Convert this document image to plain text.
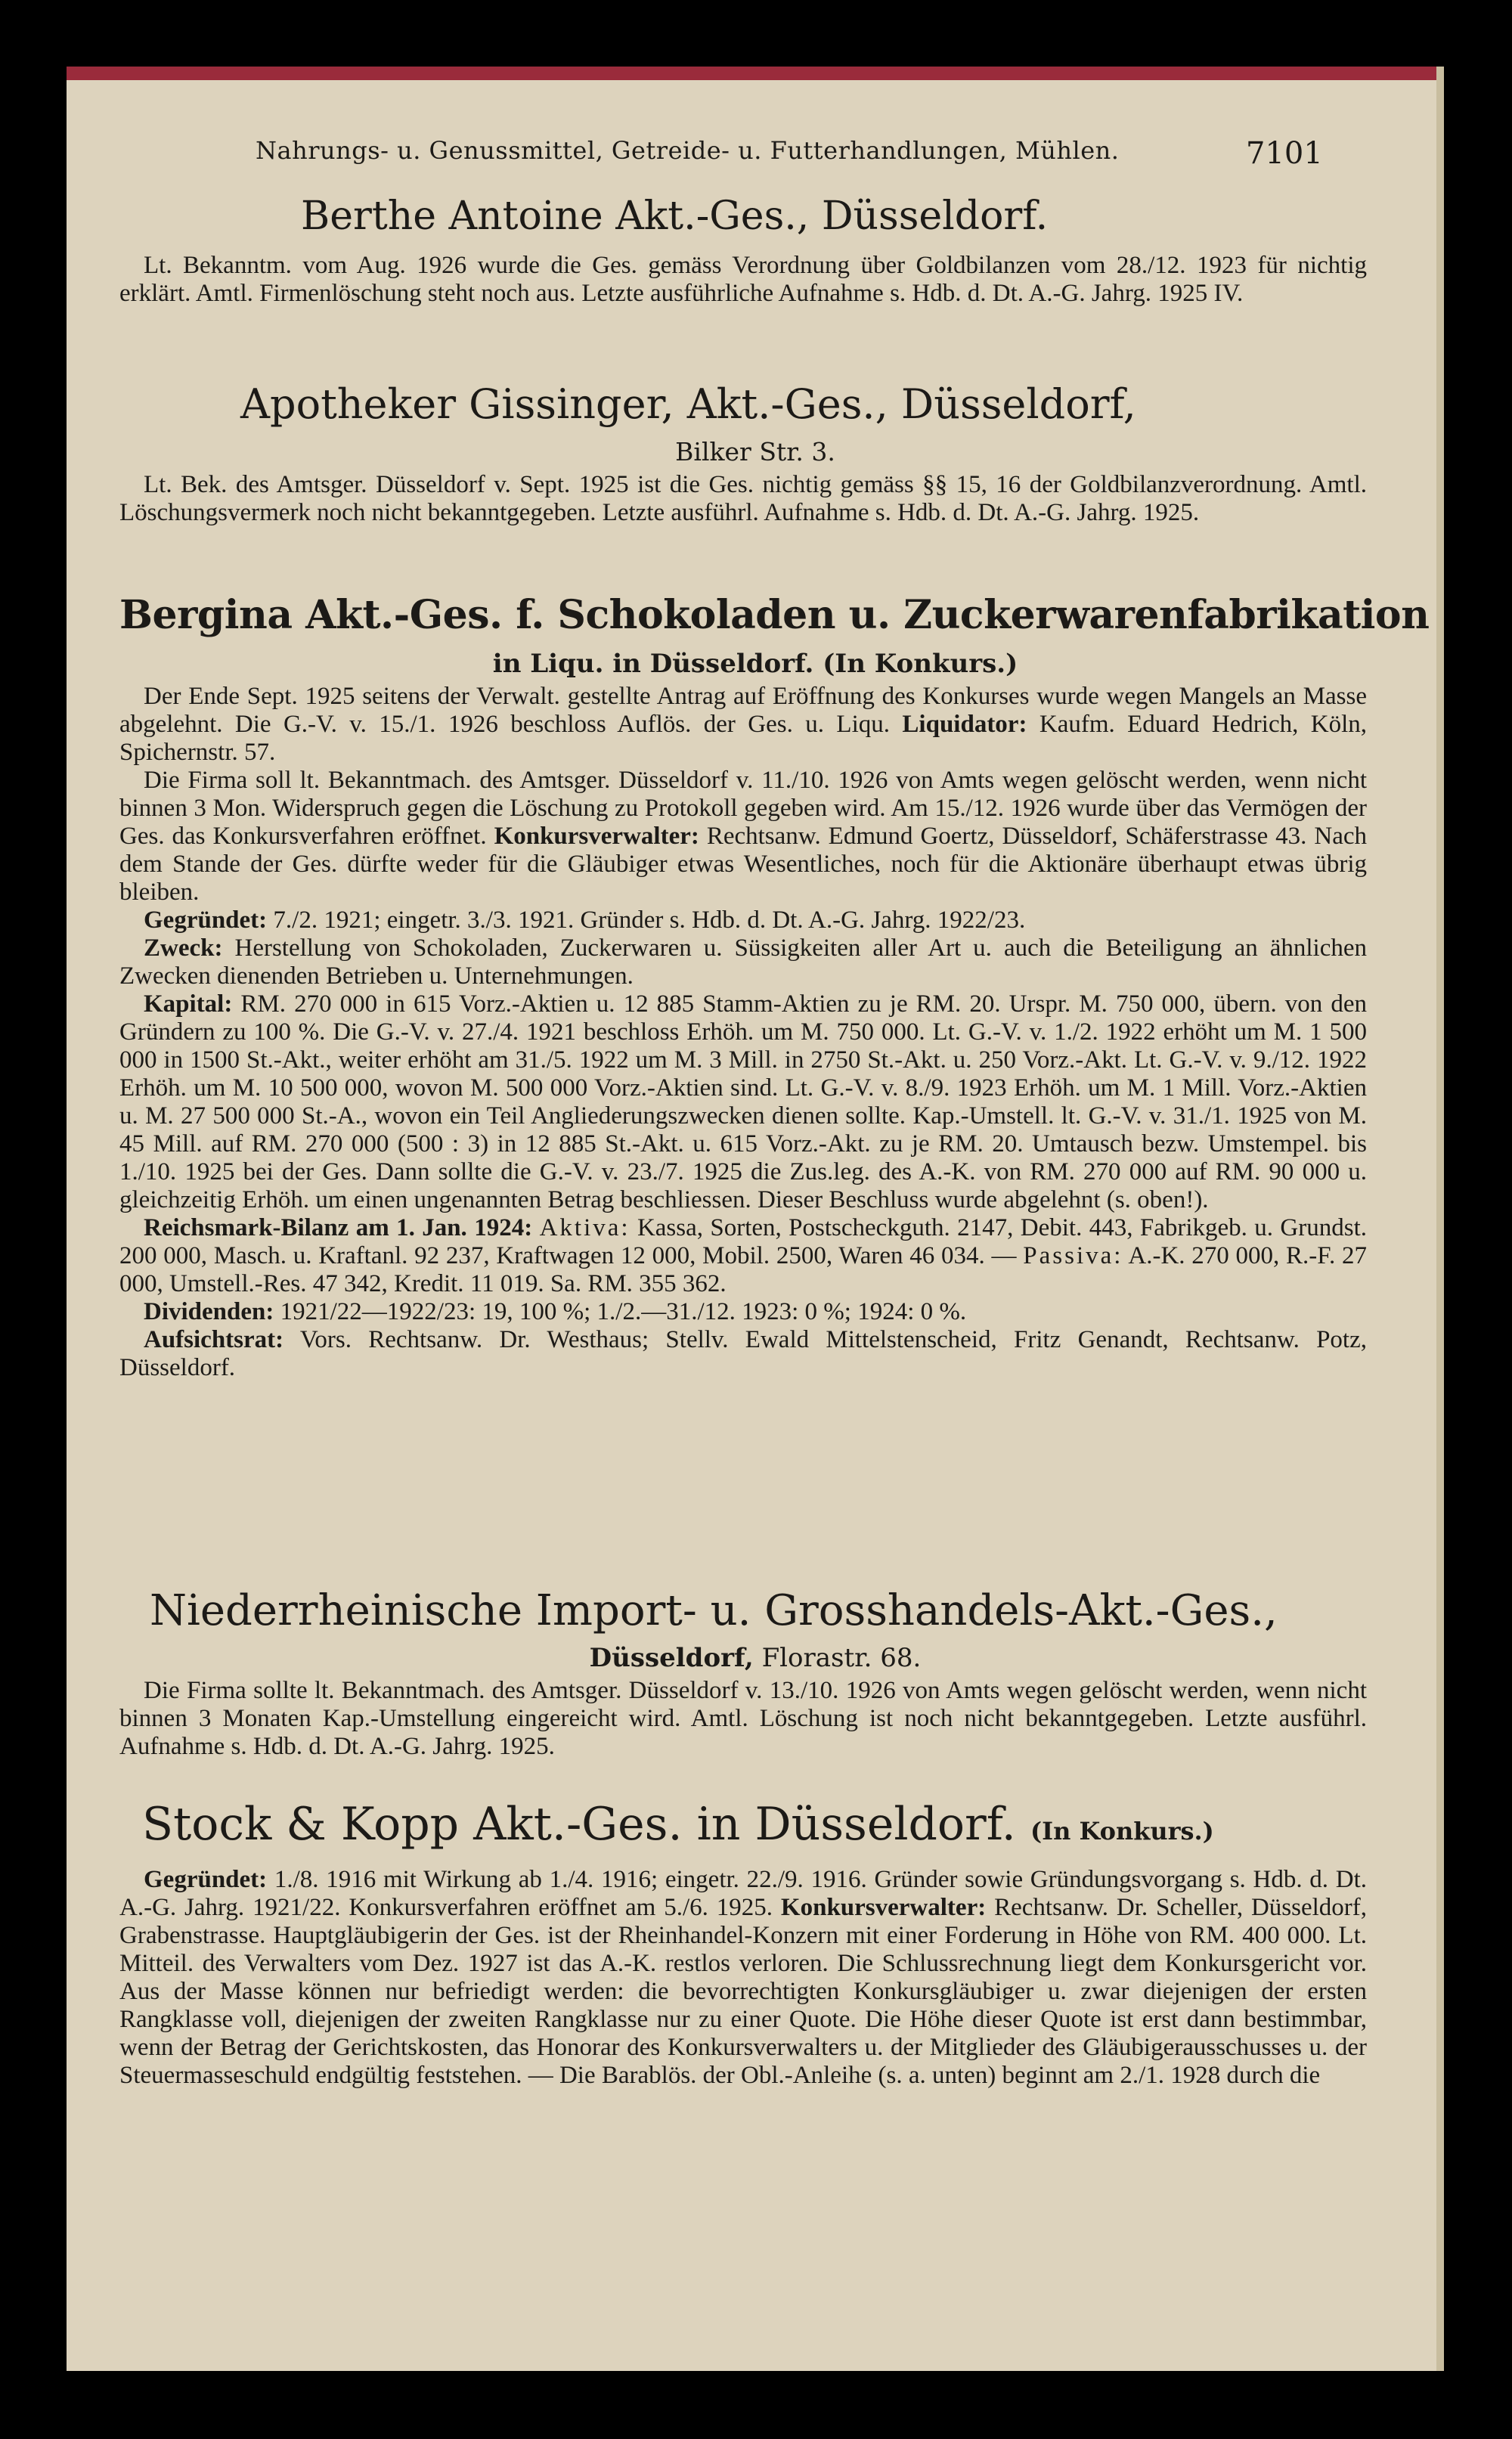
Nahrungs- u. Genussmittel, Getreide- u. Futterhandlungen, Mühlen.	7101
Berthe Antoine Akt.-Ges., Düsseldorf.

Lt. Bekanntm. vom Aug. 1926 wurde die Ges. gemäss Verordnung über Goldbilanzen vom 28./12. 1923 für nichtig erklärt. Amtl. Firmenlöschung steht noch aus. Letzte ausführliche Aufnahme s. Hdb. d. Dt. A.-G. Jahrg. 1925 IV.

Apotheker Gissinger, Akt.-Ges., Düsseldorf,
Bilker Str. 3.

Lt. Bek. des Amtsger. Düsseldorf v. Sept. 1925 ist die Ges. nichtig gemäss §§ 15, 16 der Goldbilanzverordnung. Amtl. Löschungsvermerk noch nicht bekanntgegeben. Letzte ausführl. Aufnahme s. Hdb. d. Dt. A.-G. Jahrg. 1925.

Bergina Akt.-Ges. f. Schokoladen u. Zuckerwarenfabrikation
in Liqu. in Düsseldorf. (In Konkurs.)

Der Ende Sept. 1925 seitens der Verwalt. gestellte Antrag auf Eröffnung des Konkurses wurde wegen Mangels an Masse abgelehnt. Die G.-V. v. 15./1. 1926 beschloss Auflös. der Ges. u. Liqu. Liquidator: Kaufm. Eduard Hedrich, Köln, Spichernstr. 57.

Die Firma soll lt. Bekanntmach. des Amtsger. Düsseldorf v. 11./10. 1926 von Amts wegen gelöscht werden, wenn nicht binnen 3 Mon. Widerspruch gegen die Löschung zu Protokoll gegeben wird. Am 15./12. 1926 wurde über das Vermögen der Ges. das Konkursverfahren eröffnet. Konkursverwalter: Rechtsanw. Edmund Goertz, Düsseldorf, Schäferstrasse 43. Nach dem Stande der Ges. dürfte weder für die Gläubiger etwas Wesentliches, noch für die Aktionäre überhaupt etwas übrig bleiben.

Gegründet: 7./2. 1921; eingetr. 3./3. 1921. Gründer s. Hdb. d. Dt. A.-G. Jahrg. 1922/23.

Zweck: Herstellung von Schokoladen, Zuckerwaren u. Süssigkeiten aller Art u. auch die Beteiligung an ähnlichen Zwecken dienenden Betrieben u. Unternehmungen.

Kapital: RM. 270 000 in 615 Vorz.-Aktien u. 12 885 Stamm-Aktien zu je RM. 20. Urspr. M. 750 000, übern. von den Gründern zu 100 %. Die G.-V. v. 27./4. 1921 beschloss Erhöh. um M. 750 000. Lt. G.-V. v. 1./2. 1922 erhöht um M. 1 500 000 in 1500 St.-Akt., weiter erhöht am 31./5. 1922 um M. 3 Mill. in 2750 St.-Akt. u. 250 Vorz.-Akt. Lt. G.-V. v. 9./12. 1922 Erhöh. um M. 10 500 000, wovon M. 500 000 Vorz.-Aktien sind. Lt. G.-V. v. 8./9. 1923 Erhöh. um M. 1 Mill. Vorz.-Aktien u. M. 27 500 000 St.-A., wovon ein Teil Angliederungszwecken dienen sollte. Kap.-Umstell. lt. G.-V. v. 31./1. 1925 von M. 45 Mill. auf RM. 270 000 (500 : 3) in 12 885 St.-Akt. u. 615 Vorz.-Akt. zu je RM. 20. Umtausch bezw. Umstempel. bis 1./10. 1925 bei der Ges. Dann sollte die G.-V. v. 23./7. 1925 die Zus.leg. des A.-K. von RM. 270 000 auf RM. 90 000 u. gleichzeitig Erhöh. um einen ungenannten Betrag beschliessen. Dieser Beschluss wurde abgelehnt (s. oben!).

Reichsmark-Bilanz am 1. Jan. 1924: Aktiva: Kassa, Sorten, Postscheckguth. 2147, Debit. 443, Fabrikgeb. u. Grundst. 200 000, Masch. u. Kraftanl. 92 237, Kraftwagen 12 000, Mobil. 2500, Waren 46 034. — Passiva: A.-K. 270 000, R.-F. 27 000, Umstell.-Res. 47 342, Kredit. 11 019. Sa. RM. 355 362.

Dividenden: 1921/22—1922/23: 19, 100 %; 1./2.—31./12. 1923: 0 %; 1924: 0 %.

Aufsichtsrat: Vors. Rechtsanw. Dr. Westhaus; Stellv. Ewald Mittelstenscheid, Fritz Genandt, Rechtsanw. Potz, Düsseldorf.

Niederrheinische Import- u. Grosshandels-Akt.-Ges.,
Düsseldorf, Florastr. 68.

Die Firma sollte lt. Bekanntmach. des Amtsger. Düsseldorf v. 13./10. 1926 von Amts wegen gelöscht werden, wenn nicht binnen 3 Monaten Kap.-Umstellung eingereicht wird. Amtl. Löschung ist noch nicht bekanntgegeben. Letzte ausführl. Aufnahme s. Hdb. d. Dt. A.-G. Jahrg. 1925.

Stock & Kopp Akt.-Ges. in Düsseldorf. (In Konkurs.)

Gegründet: 1./8. 1916 mit Wirkung ab 1./4. 1916; eingetr. 22./9. 1916. Gründer sowie Gründungsvorgang s. Hdb. d. Dt. A.-G. Jahrg. 1921/22. Konkursverfahren eröffnet am 5./6. 1925. Konkursverwalter: Rechtsanw. Dr. Scheller, Düsseldorf, Grabenstrasse. Hauptgläubigerin der Ges. ist der Rheinhandel-Konzern mit einer Forderung in Höhe von RM. 400 000. Lt. Mitteil. des Verwalters vom Dez. 1927 ist das A.-K. restlos verloren. Die Schlussrechnung liegt dem Konkursgericht vor. Aus der Masse können nur befriedigt werden: die bevorrechtigten Konkursgläubiger u. zwar diejenigen der ersten Rangklasse voll, diejenigen der zweiten Rangklasse nur zu einer Quote. Die Höhe dieser Quote ist erst dann bestimmbar, wenn der Betrag der Gerichtskosten, das Honorar des Konkursverwalters u. der Mitglieder des Gläubigerausschusses u. der Steuermasseschuld endgültig feststehen. — Die Barablös. der Obl.-Anleihe (s. a. unten) beginnt am 2./1. 1928 durch die
